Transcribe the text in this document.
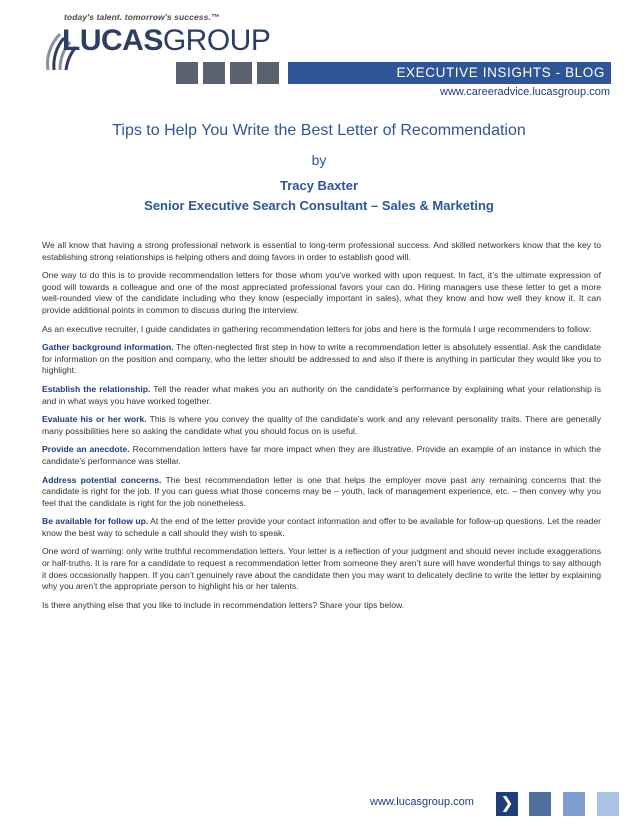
today's talent. tomorrow's success.™
LUCASGROUP
EXECUTIVE INSIGHTS - BLOG
www.careeradvice.lucasgroup.com
Tips to Help You Write the Best Letter of Recommendation
by
Tracy Baxter
Senior Executive Search Consultant – Sales & Marketing

We all know that having a strong professional network is essential to long-term professional success. And skilled networkers know that the key to establishing strong relationships is helping others and doing favors in order to establish good will.

One way to do this is to provide recommendation letters for those whom you’ve worked with upon request. In fact, it’s the ultimate expression of good will towards a colleague and one of the most appreciated professional favors your can do. Hiring managers use these letter to get a more well-rounded view of the candidate including who they know (especially important in sales), what they know and how well they know it. It can provide additional points in common to discuss during the interview.

As an executive recruiter, I guide candidates in gathering recommendation letters for jobs and here is the formula I urge recommenders to follow:

Gather background information. The often-neglected first step in how to write a recommendation letter is absolutely essential. Ask the candidate for information on the position and company, who the letter should be addressed to and also if there is anything in particular they would like you to highlight.

Establish the relationship. Tell the reader what makes you an authority on the candidate’s performance by explaining what your relationship is and in what ways you have worked together.

Evaluate his or her work. This is where you convey the quality of the candidate’s work and any relevant personality traits. There are generally many possibilities here so asking the candidate what you should focus on is useful.

Provide an anecdote. Recommendation letters have far more impact when they are illustrative. Provide an example of an instance in which the candidate’s performance was stellar.

Address potential concerns. The best recommendation letter is one that helps the employer move past any remaining concerns that the candidate is right for the job. If you can guess what those concerns may be – youth, lack of management experience, etc. – then convey why you feel that the candidate is right for the job nonetheless.

Be available for follow up. At the end of the letter provide your contact information and offer to be available for follow-up questions. Let the reader know the best way to schedule a call should they wish to speak.

One word of warning: only write truthful recommendation letters. Your letter is a reflection of your judgment and should never include exaggerations or half-truths. It is rare for a candidate to request a recommendation letter from someone they aren’t sure will have wonderful things to say although it does occasionally happen. If you can’t genuinely rave about the candidate then you may want to delicately decline to write the letter by explaining why you aren’t the appropriate person to highlight his or her talents.

Is there anything else that you like to include in recommendation letters? Share your tips below.

www.lucasgroup.com ❯
